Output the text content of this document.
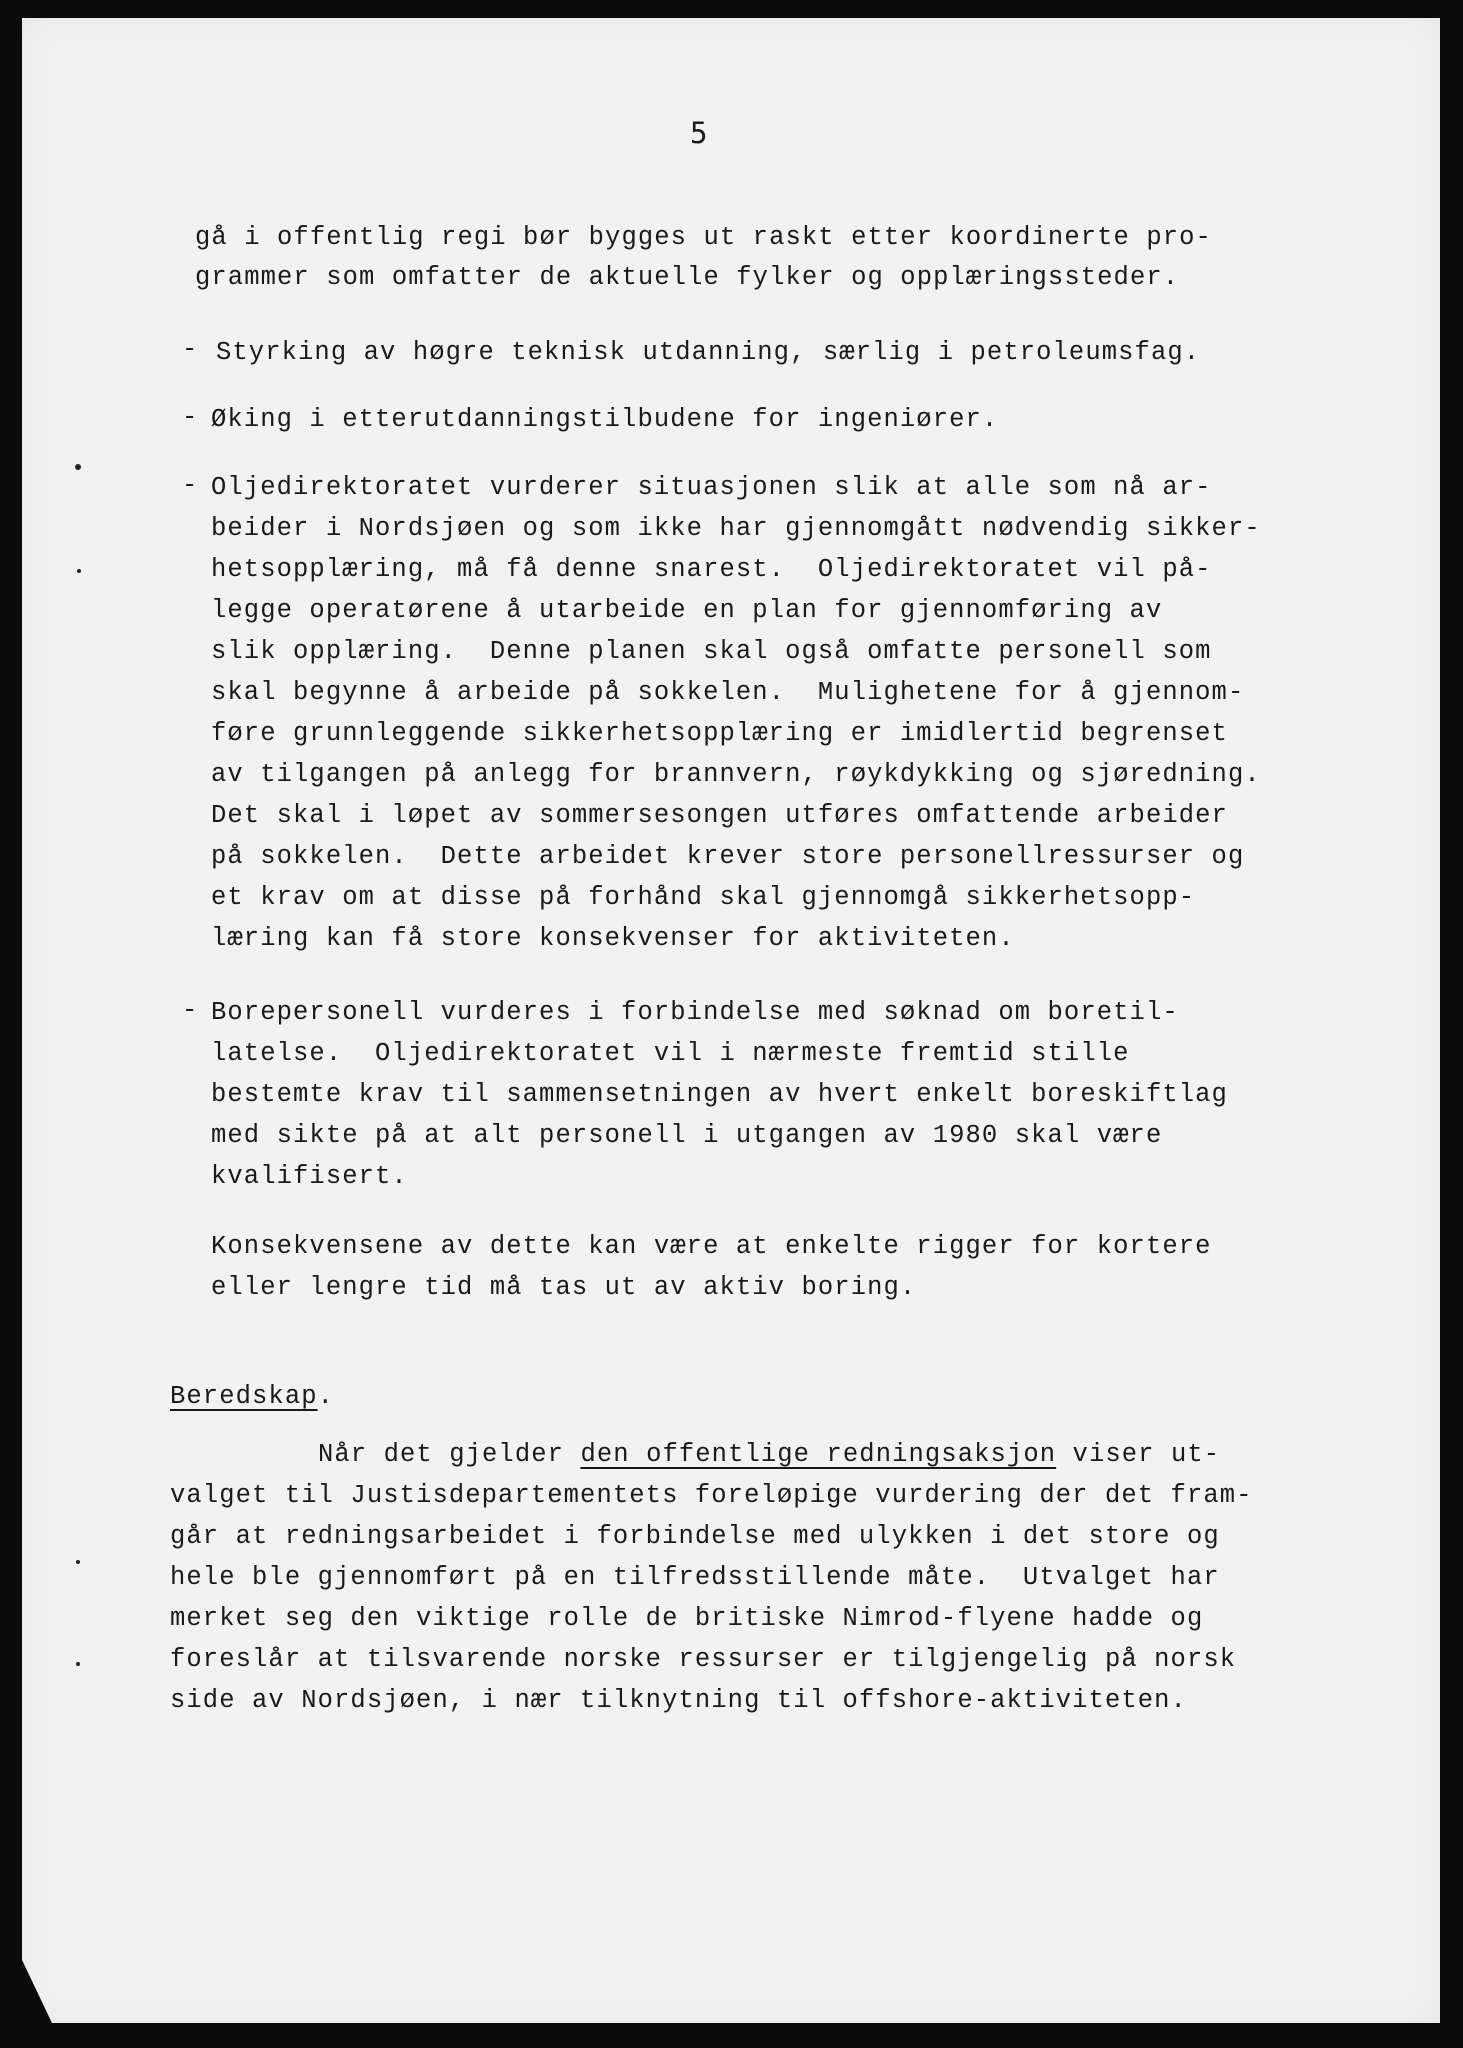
5
gå i offentlig regi bør bygges ut raskt etter koordinerte pro-
grammer som omfatter de aktuelle fylker og opplæringssteder.
- Styrking av høgre teknisk utdanning, særlig i petroleumsfag.
- Øking i etterutdanningstilbudene for ingeniører.
- Oljedirektoratet vurderer situasjonen slik at alle som nå ar-
beider i Nordsjøen og som ikke har gjennomgått nødvendig sikker-
hetsopplæring, må få denne snarest.  Oljedirektoratet vil på-
legge operatørene å utarbeide en plan for gjennomføring av
slik opplæring.  Denne planen skal også omfatte personell som
skal begynne å arbeide på sokkelen.  Mulighetene for å gjennom-
føre grunnleggende sikkerhetsopplæring er imidlertid begrenset
av tilgangen på anlegg for brannvern, røykdykking og sjøredning.
Det skal i løpet av sommersesongen utføres omfattende arbeider
på sokkelen.  Dette arbeidet krever store personellressurser og
et krav om at disse på forhånd skal gjennomgå sikkerhetsopp-
læring kan få store konsekvenser for aktiviteten.
- Borepersonell vurderes i forbindelse med søknad om boretil-
latelse.  Oljedirektoratet vil i nærmeste fremtid stille
bestemte krav til sammensetningen av hvert enkelt boreskiftlag
med sikte på at alt personell i utgangen av 1980 skal være
kvalifisert.
Konsekvensene av dette kan være at enkelte rigger for kortere
eller lengre tid må tas ut av aktiv boring.
Beredskap.
Når det gjelder den offentlige redningsaksjon viser ut-
valget til Justisdepartementets foreløpige vurdering der det fram-
går at redningsarbeidet i forbindelse med ulykken i det store og
hele ble gjennomført på en tilfredsstillende måte.  Utvalget har
merket seg den viktige rolle de britiske Nimrod-flyene hadde og
foreslår at tilsvarende norske ressurser er tilgjengelig på norsk
side av Nordsjøen, i nær tilknytning til offshore-aktiviteten.
